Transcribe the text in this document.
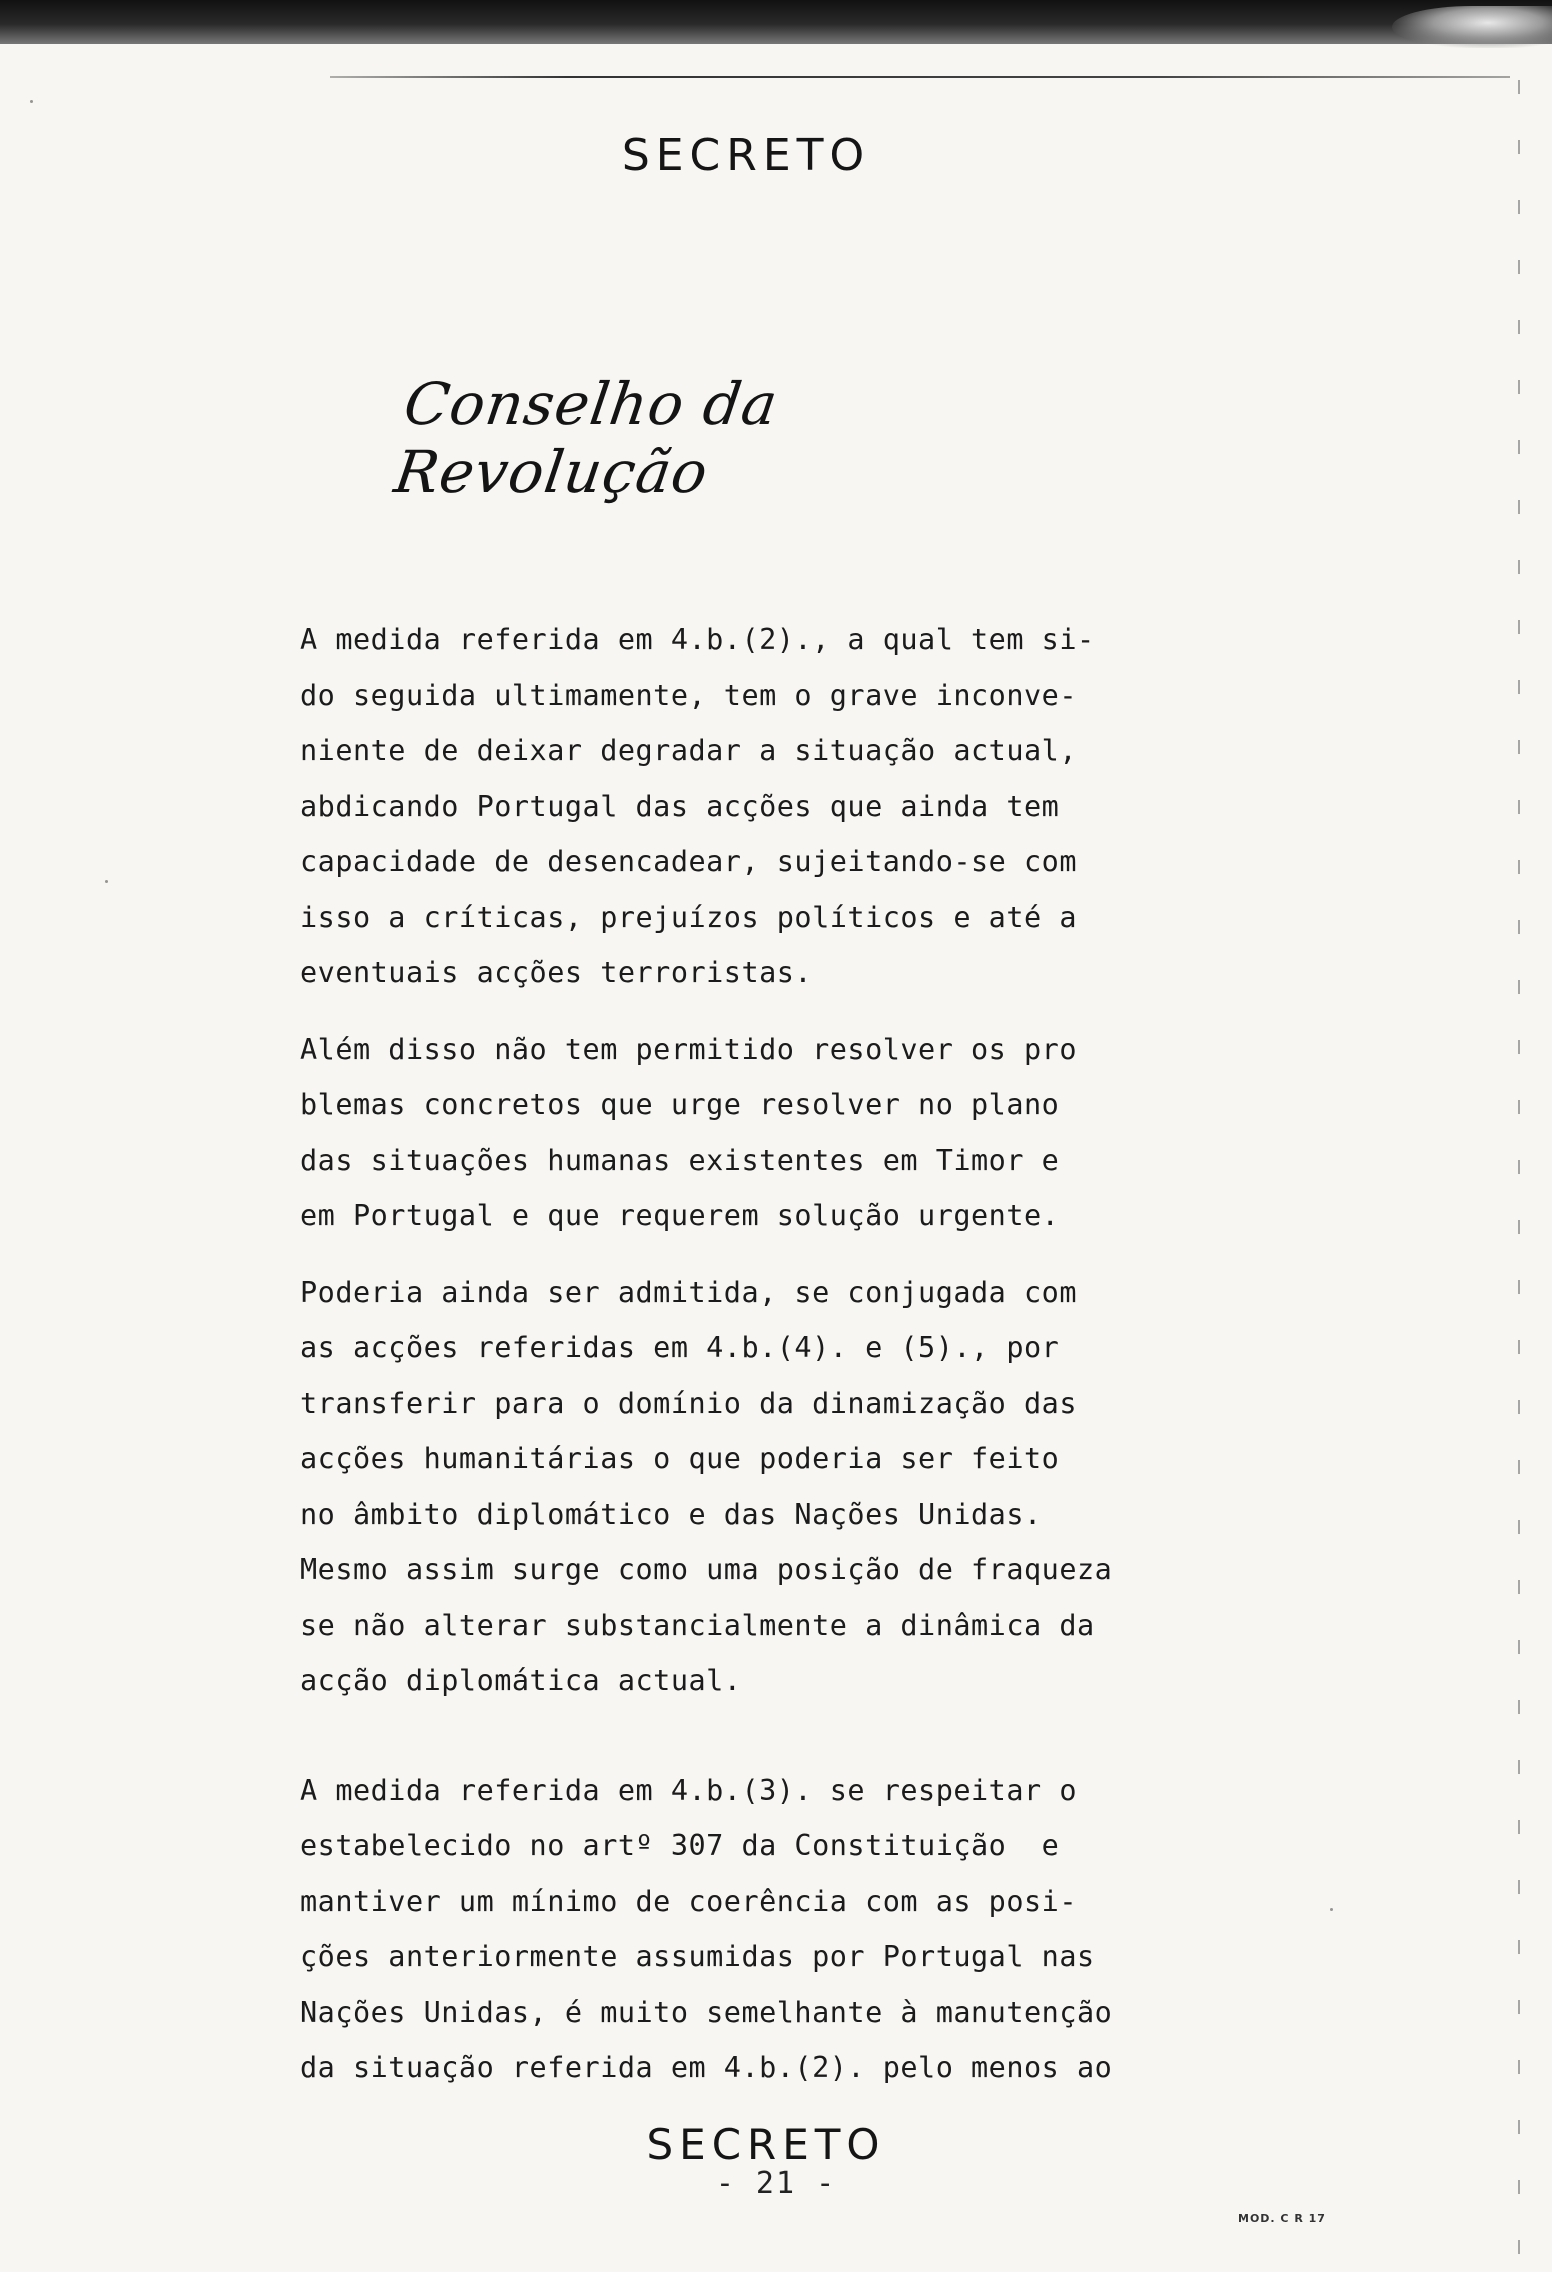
SECRETO
Conselho da Revolução
A medida referida em 4.b.(2)., a qual tem si-
do seguida ultimamente, tem o grave inconve-
niente de deixar degradar a situação actual,
abdicando Portugal das acções que ainda tem
capacidade de desencadear, sujeitando-se com
isso a críticas, prejuízos políticos e até a
eventuais acções terroristas.
Além disso não tem permitido resolver os pro
blemas concretos que urge resolver no plano
das situações humanas existentes em Timor e
em Portugal e que requerem solução urgente.
Poderia ainda ser admitida, se conjugada com
as acções referidas em 4.b.(4). e (5)., por
transferir para o domínio da dinamização das
acções humanitárias o que poderia ser feito
no âmbito diplomático e das Nações Unidas.
Mesmo assim surge como uma posição de fraqueza
se não alterar substancialmente a dinâmica da
acção diplomática actual.
A medida referida em 4.b.(3). se respeitar o
estabelecido no artº 307 da Constituição  e
mantiver um mínimo de coerência com as posi-
ções anteriormente assumidas por Portugal nas
Nações Unidas, é muito semelhante à manutenção
da situação referida em 4.b.(2). pelo menos ao
SECRETO
- 21 -
MOD. C R 17
